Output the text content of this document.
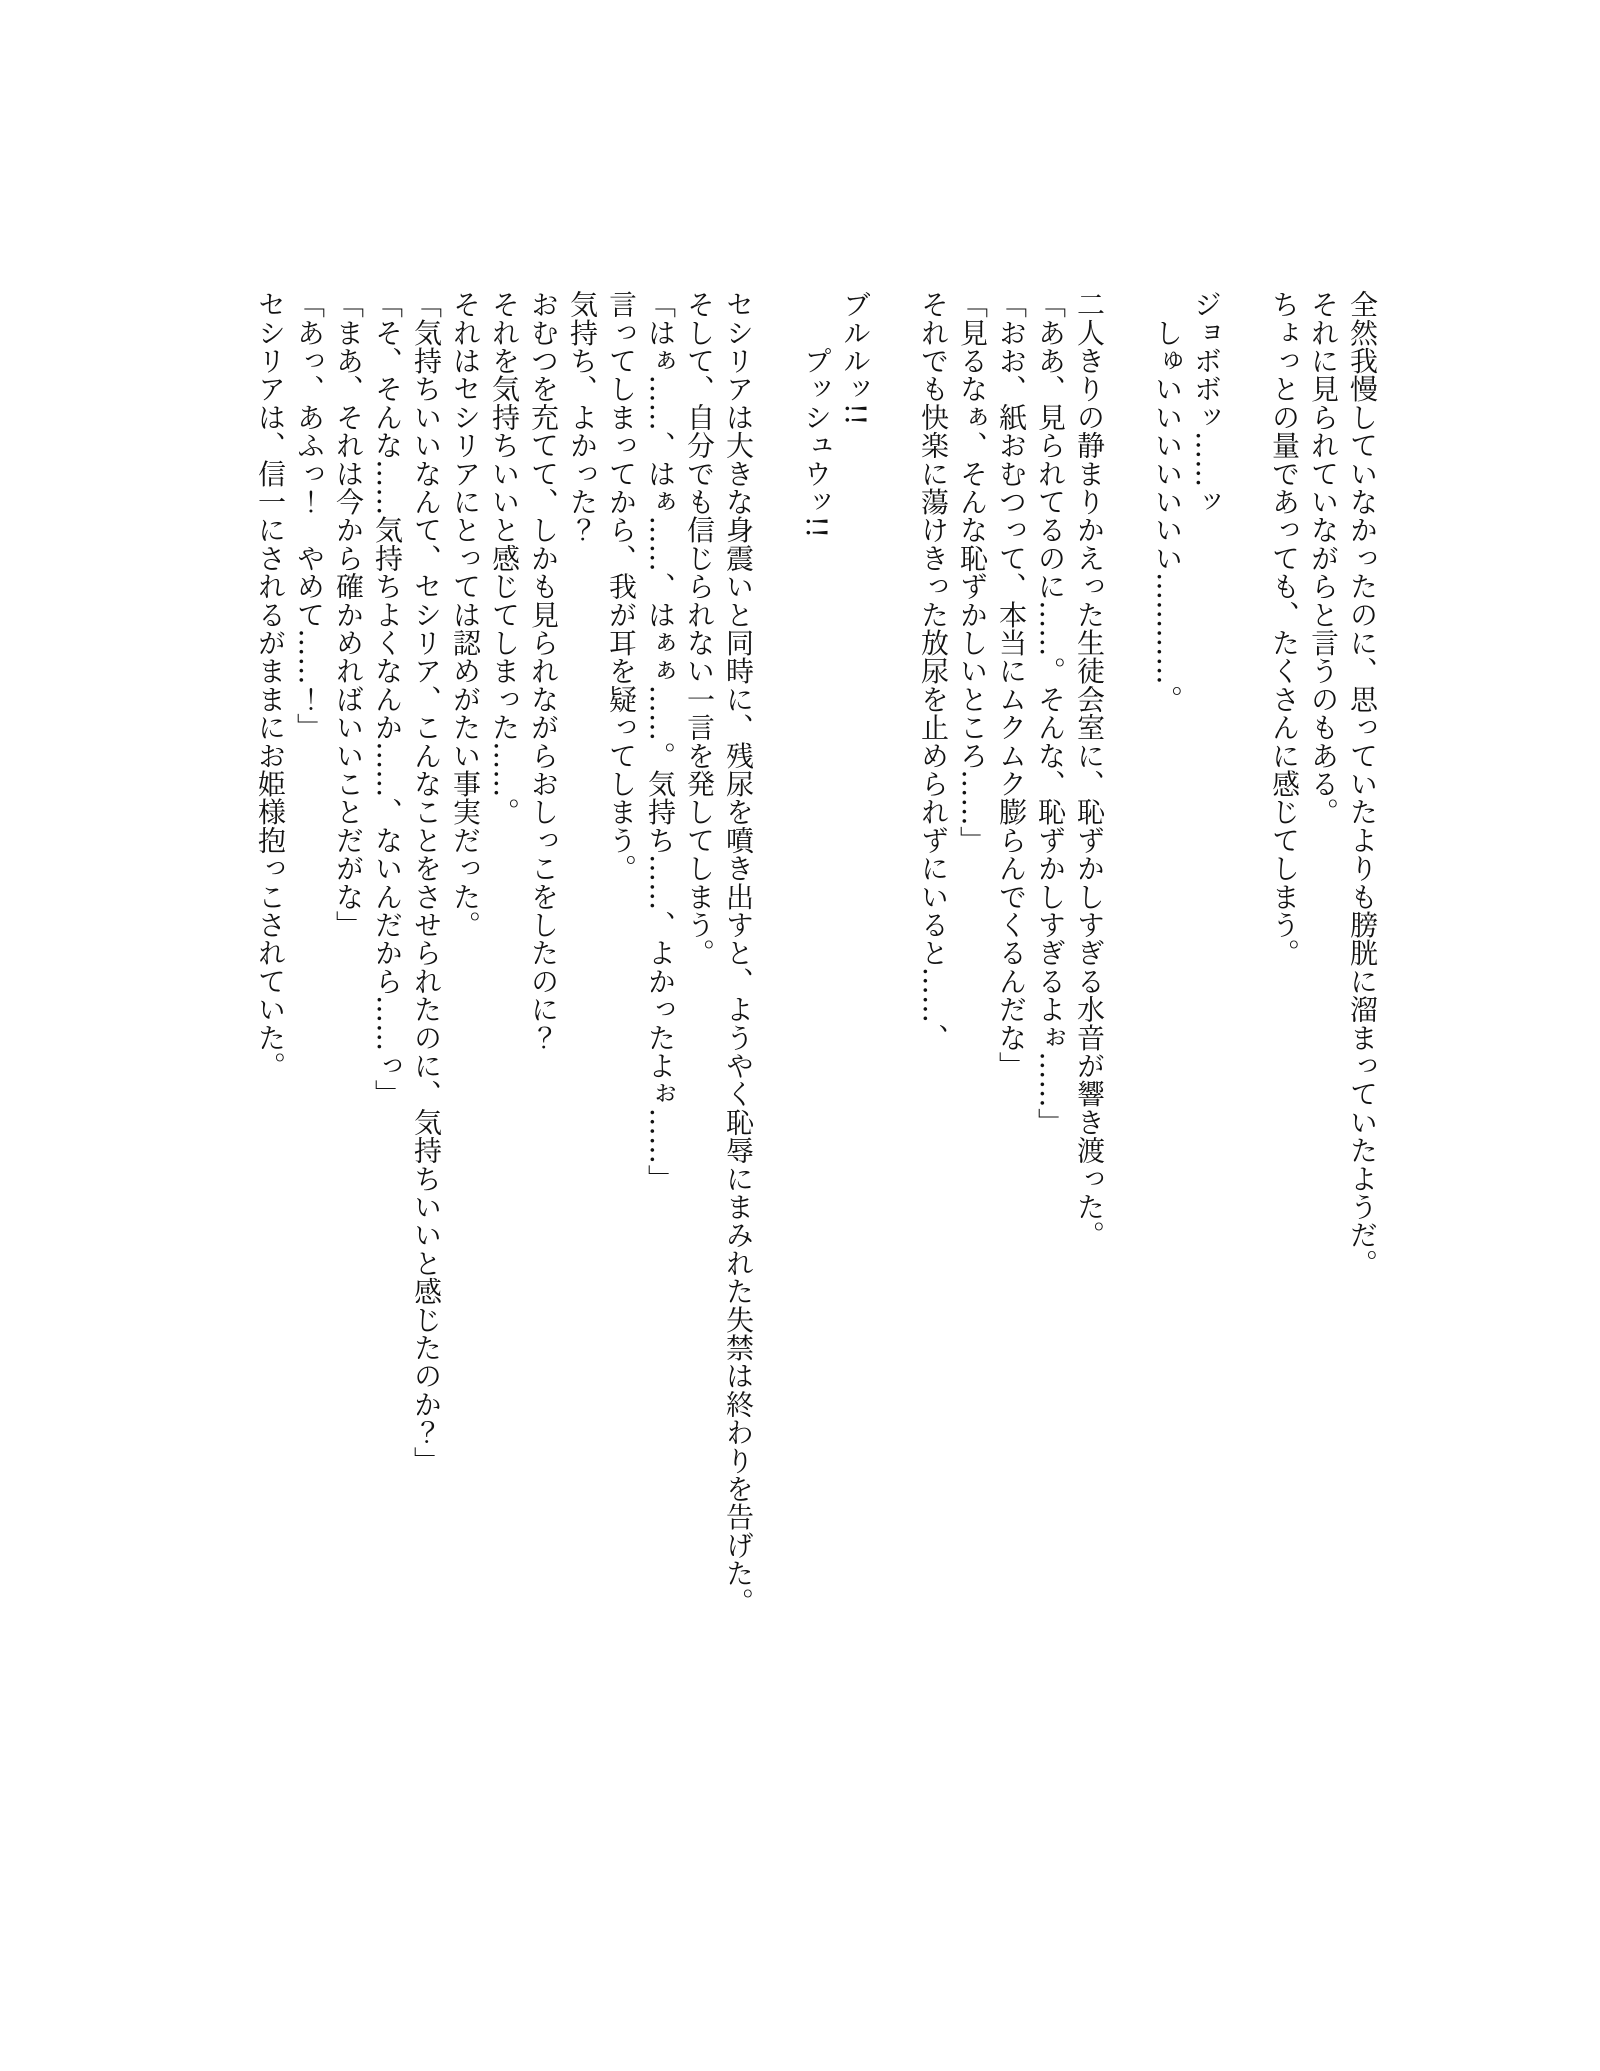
全然我慢していなかったのに、思っていたよりも膀胱に溜まっていたようだ。
それに見られていながらと言うのもある。
ちょっとの量であっても、たくさんに感じてしまう。

ジョボボッ……ッ
　しゅいいいいいいい…………。

二人きりの静まりかえった生徒会室に、恥ずかしすぎる水音が響き渡った。
「ああ、見られてるのに……。そんな、恥ずかしすぎるよぉ……」
「おお、紙おむつって、本当にムクムク膨らんでくるんだな」
「見るなぁ、そんな恥ずかしいところ……」
それでも快楽に蕩けきった放尿を止められずにいると……、

ブルルッ!!
　　プッシュウッ!!

セシリアは大きな身震いと同時に、残尿を噴き出すと、ようやく恥辱にまみれた失禁は終わりを告げた。
そして、自分でも信じられない一言を発してしまう。
「はぁ……、はぁ……、はぁぁ……。気持ち……、よかったよぉ……」
言ってしまってから、我が耳を疑ってしまう。
気持ち、よかった？
おむつを充てて、しかも見られながらおしっこをしたのに？
それを気持ちいいと感じてしまった……。
それはセシリアにとっては認めがたい事実だった。
「気持ちいいなんて、セシリア、こんなことをさせられたのに、気持ちいいと感じたのか？」
「そ、そんな……気持ちよくなんか……、ないんだから……っ」
「まあ、それは今から確かめればいいことだがな」
「あっ、あふっ！　やめて……！」
セシリアは、信一にされるがままにお姫様抱っこされていた。
